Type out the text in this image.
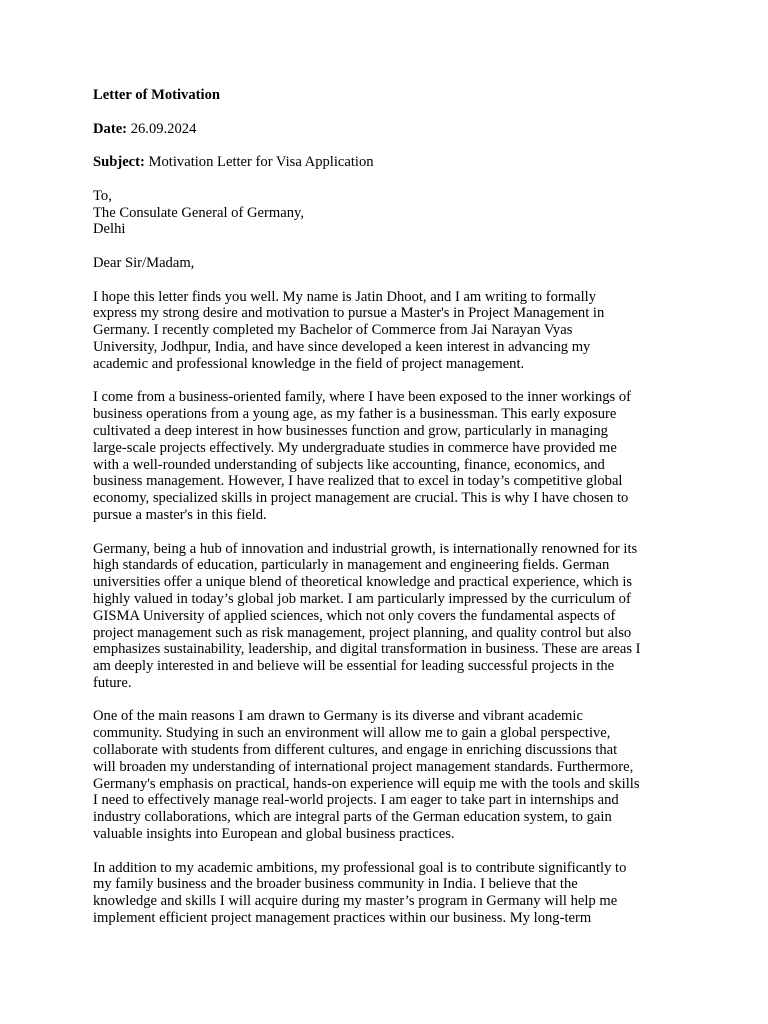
Letter of Motivation

Date: 26.09.2024

Subject: Motivation Letter for Visa Application

To,
The Consulate General of Germany,
Delhi

Dear Sir/Madam,

I hope this letter finds you well. My name is Jatin Dhoot, and I am writing to formally
express my strong desire and motivation to pursue a Master's in Project Management in
Germany. I recently completed my Bachelor of Commerce from Jai Narayan Vyas
University, Jodhpur, India, and have since developed a keen interest in advancing my
academic and professional knowledge in the field of project management.

I come from a business-oriented family, where I have been exposed to the inner workings of
business operations from a young age, as my father is a businessman. This early exposure
cultivated a deep interest in how businesses function and grow, particularly in managing
large-scale projects effectively. My undergraduate studies in commerce have provided me
with a well-rounded understanding of subjects like accounting, finance, economics, and
business management. However, I have realized that to excel in today’s competitive global
economy, specialized skills in project management are crucial. This is why I have chosen to
pursue a master's in this field.

Germany, being a hub of innovation and industrial growth, is internationally renowned for its
high standards of education, particularly in management and engineering fields. German
universities offer a unique blend of theoretical knowledge and practical experience, which is
highly valued in today’s global job market. I am particularly impressed by the curriculum of
GISMA University of applied sciences, which not only covers the fundamental aspects of
project management such as risk management, project planning, and quality control but also
emphasizes sustainability, leadership, and digital transformation in business. These are areas I
am deeply interested in and believe will be essential for leading successful projects in the
future.

One of the main reasons I am drawn to Germany is its diverse and vibrant academic
community. Studying in such an environment will allow me to gain a global perspective,
collaborate with students from different cultures, and engage in enriching discussions that
will broaden my understanding of international project management standards. Furthermore,
Germany's emphasis on practical, hands-on experience will equip me with the tools and skills
I need to effectively manage real-world projects. I am eager to take part in internships and
industry collaborations, which are integral parts of the German education system, to gain
valuable insights into European and global business practices.

In addition to my academic ambitions, my professional goal is to contribute significantly to
my family business and the broader business community in India. I believe that the
knowledge and skills I will acquire during my master’s program in Germany will help me
implement efficient project management practices within our business. My long-term
